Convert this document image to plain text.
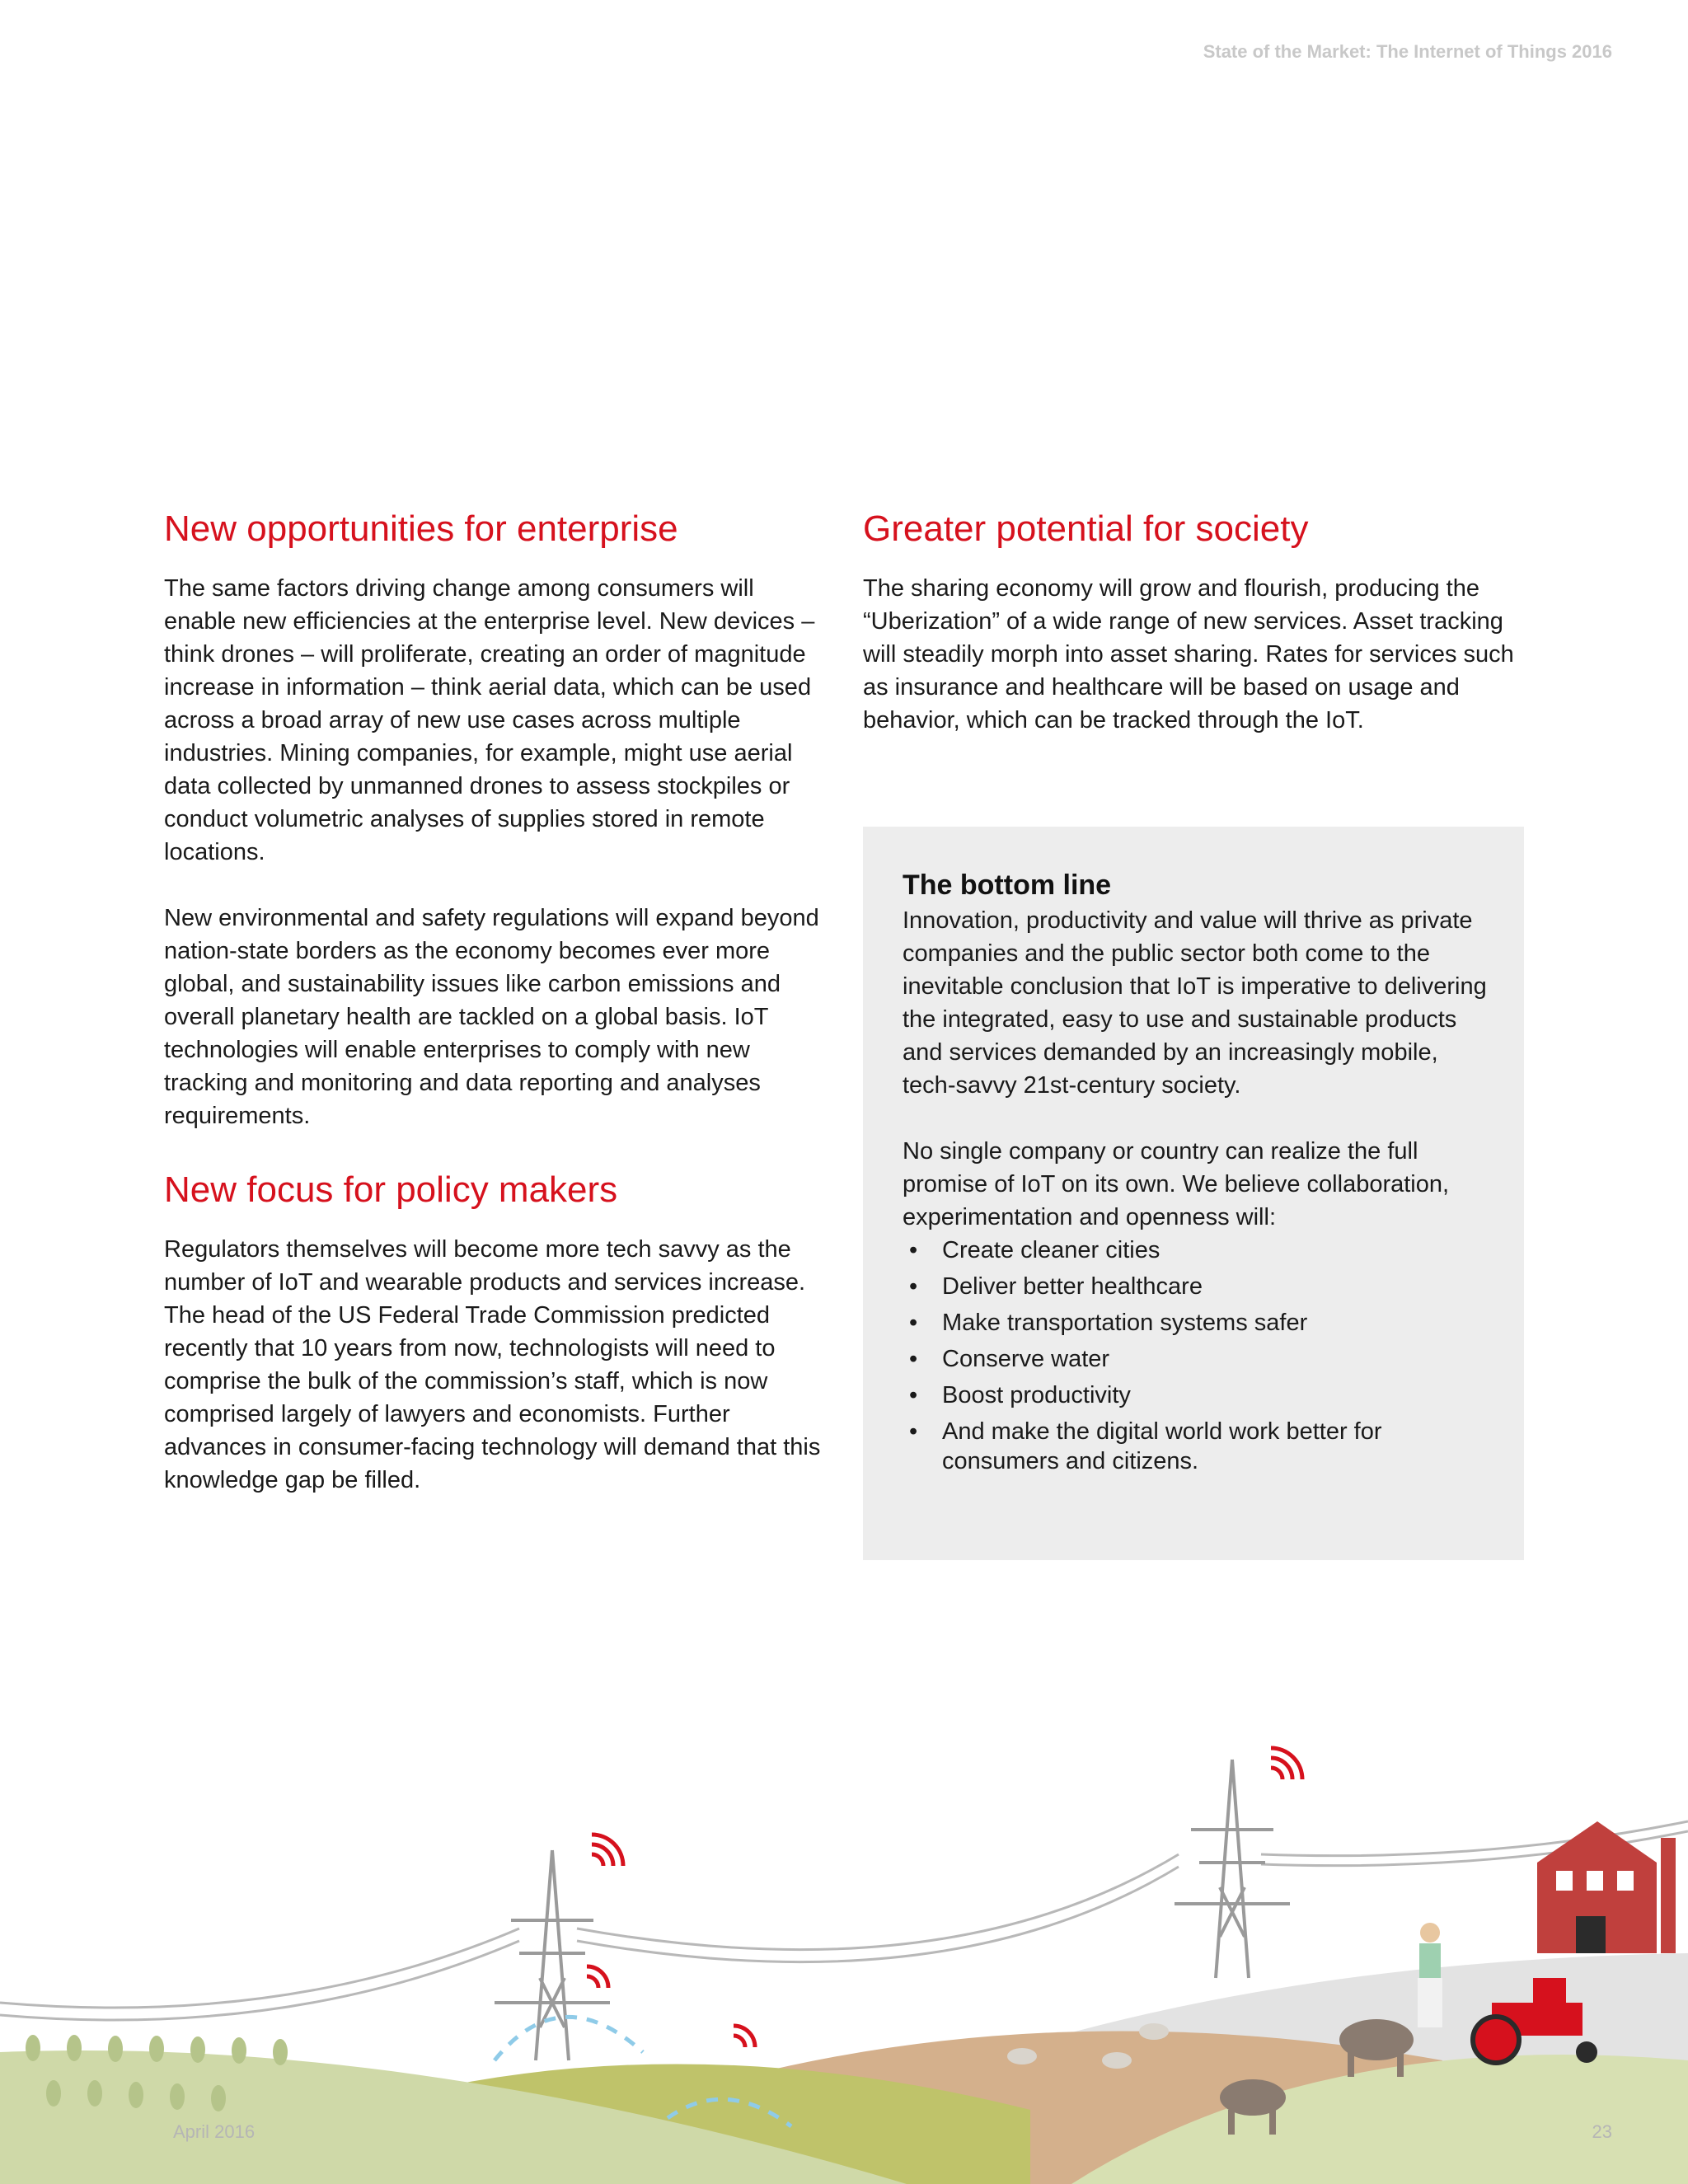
State of the Market: The Internet of Things 2016
New opportunities for enterprise

The same factors driving change among consumers will enable new efficiencies at the enterprise level. New devices – think drones – will proliferate, creating an order of magnitude increase in information – think aerial data, which can be used across a broad array of new use cases across multiple industries. Mining companies, for example, might use aerial data collected by unmanned drones to assess stockpiles or conduct volumetric analyses of supplies stored in remote locations.

New environmental and safety regulations will expand beyond nation-state borders as the economy becomes ever more global, and sustainability issues like carbon emissions and overall planetary health are tackled on a global basis. IoT technologies will enable enterprises to comply with new tracking and monitoring and data reporting and analyses requirements.

New focus for policy makers

Regulators themselves will become more tech savvy as the number of IoT and wearable products and services increase. The head of the US Federal Trade Commission predicted recently that 10 years from now, technologists will need to comprise the bulk of the commission’s staff, which is now comprised largely of lawyers and economists. Further advances in consumer-facing technology will demand that this knowledge gap be filled.

Greater potential for society

The sharing economy will grow and flourish, producing the “Uberization” of a wide range of new services. Asset tracking will steadily morph into asset sharing. Rates for services such as insurance and healthcare will be based on usage and behavior, which can be tracked through the IoT.

The bottom line

Innovation, productivity and value will thrive as private companies and the public sector both come to the inevitable conclusion that IoT is imperative to delivering the integrated, easy to use and sustainable products and services demanded by an increasingly mobile, tech-savvy 21st-century society.

No single company or country can realize the full promise of IoT on its own. We believe collaboration, experimentation and openness will:

• Create cleaner cities
• Deliver better healthcare
• Make transportation systems safer
• Conserve water
• Boost productivity
• And make the digital world work better for consumers and citizens.
April 2016	23
